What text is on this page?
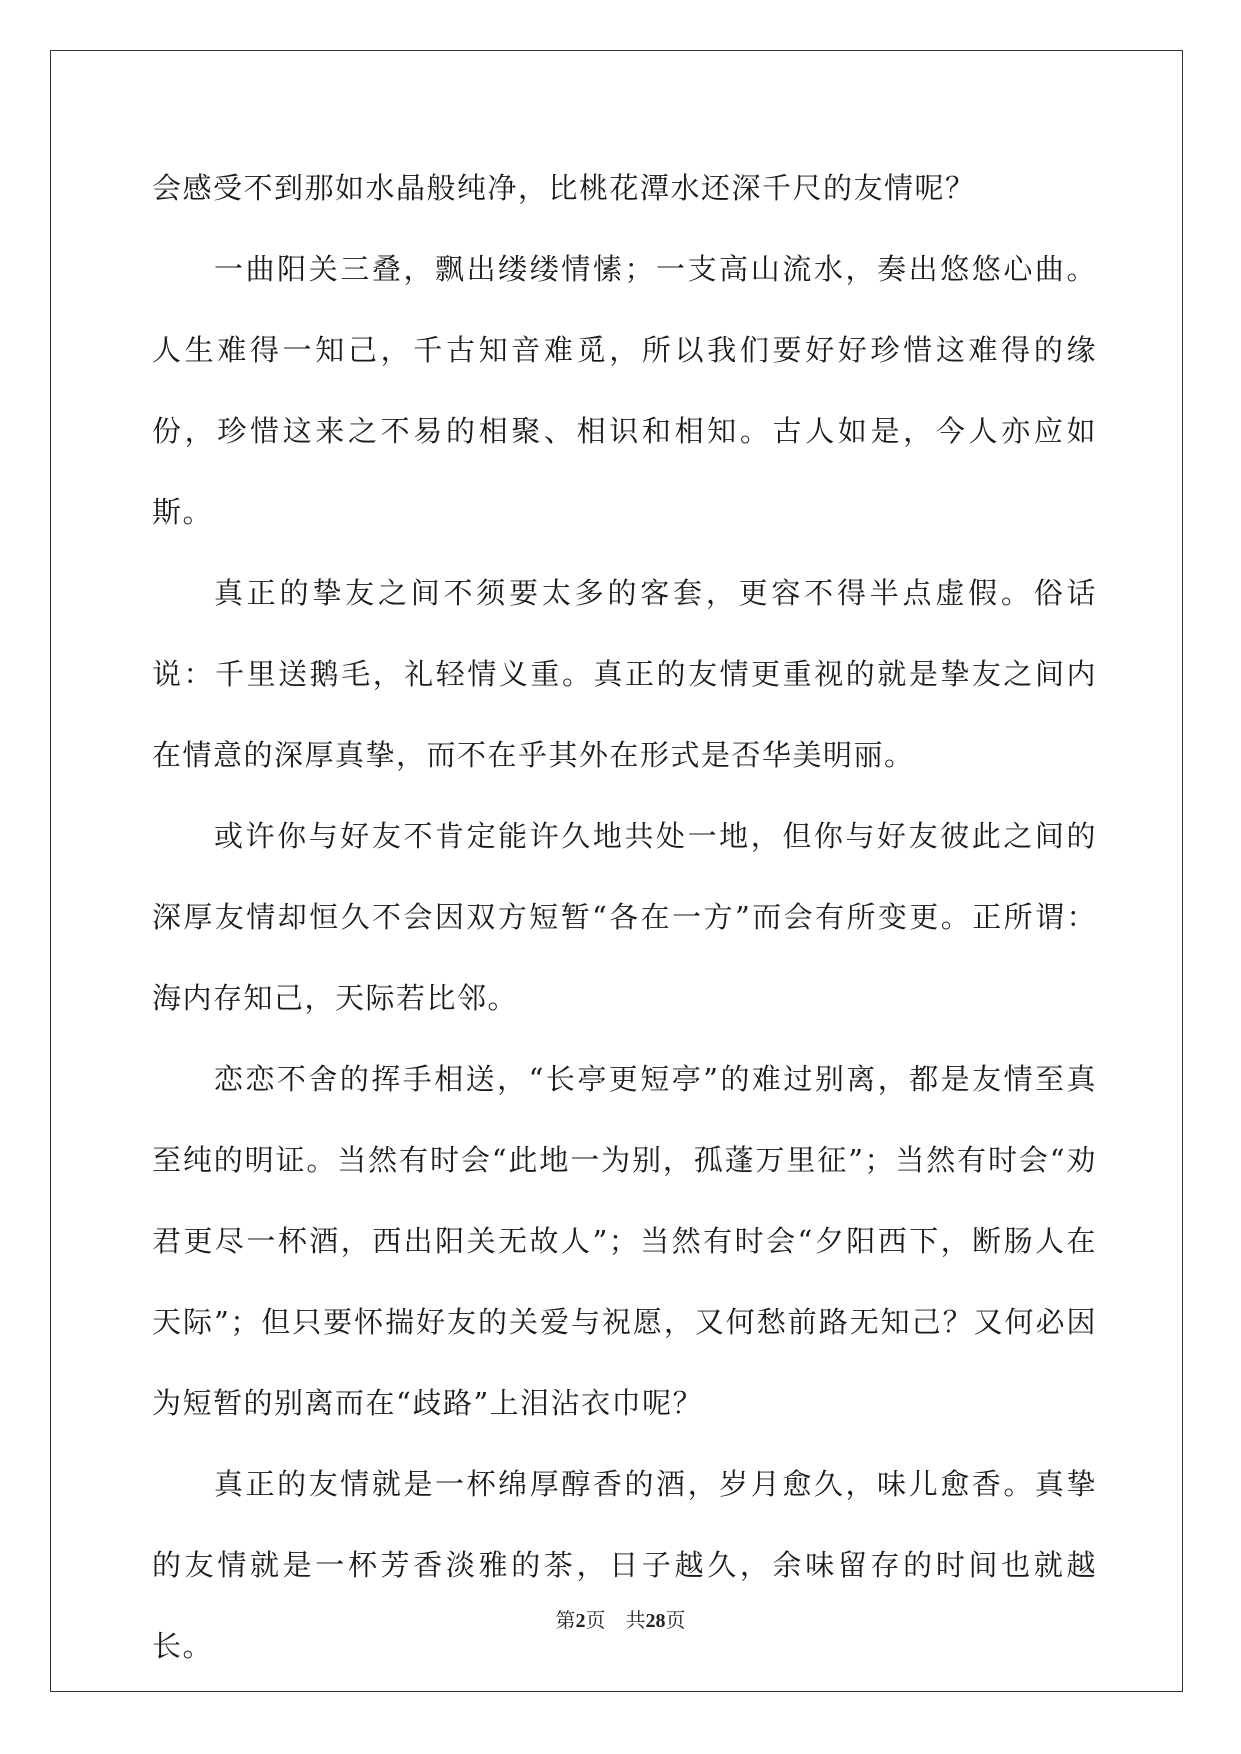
会感受不到那如水晶般纯净，比桃花潭水还深千尺的友情呢？

一曲阳关三叠，飘出缕缕情愫；一支高山流水，奏出悠悠心曲。人生难得一知己，千古知音难觅，所以我们要好好珍惜这难得的缘份，珍惜这来之不易的相聚、相识和相知。古人如是，今人亦应如斯。

真正的挚友之间不须要太多的客套，更容不得半点虚假。俗话说：千里送鹅毛，礼轻情义重。真正的友情更重视的就是挚友之间内在情意的深厚真挚，而不在乎其外在形式是否华美明丽。

或许你与好友不肯定能许久地共处一地，但你与好友彼此之间的深厚友情却恒久不会因双方短暂“各在一方”而会有所变更。正所谓：海内存知己，天际若比邻。

恋恋不舍的挥手相送，“长亭更短亭”的难过别离，都是友情至真至纯的明证。当然有时会“此地一为别，孤蓬万里征”；当然有时会“劝君更尽一杯酒，西出阳关无故人”；当然有时会“夕阳西下，断肠人在天际”；但只要怀揣好友的关爱与祝愿，又何愁前路无知己？又何必因为短暂的别离而在“歧路”上泪沾衣巾呢？

真正的友情就是一杯绵厚醇香的酒，岁月愈久，味儿愈香。真挚的友情就是一杯芳香淡雅的茶，日子越久，余味留存的时间也就越长。

第2页 共28页
